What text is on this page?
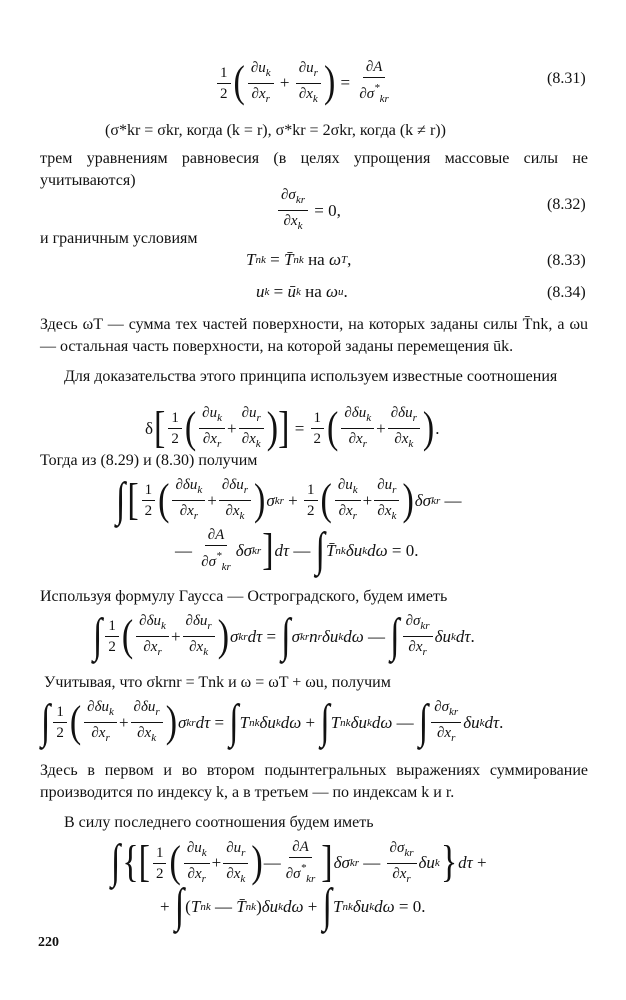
$\frac{1}{2}$ ( $\frac{\partial u_k}{\partial x_r} + \frac{\partial u_r}{\partial x_k}$ ) = $\frac{\partial A}{\partial\sigma^*_{kr}}$	(8.31)
(σ*kr = σkr, когда (k = r), σ*kr = 2σkr, когда (k ≠ r))
трем уравнениям равновесия (в целях упрощения массовые силы не учитываются)
$\frac{\partial\sigma_{kr}}{\partial x_k} = 0$,	(8.32)
и граничным условиям
T nk = T̄ nk на ω T ,	(8.33)
u k = ū k на ω u .	(8.34)
Здесь ωT — сумма тех частей поверхности, на которых заданы силы T̄nk, а ωu — остальная часть поверхности, на которой заданы перемещения ūk.
Для доказательства этого принципа используем известные соотношения
δ [ $\frac{1}{2}$ ( $\frac{\partial u_k}{\partial x_r} + \frac{\partial u_r}{\partial x_k}$ )] = $\frac{1}{2}$ ( $\frac{\partial\delta u_k}{\partial x_r} + \frac{\partial\delta u_r}{\partial x_k}$ ) .
Тогда из (8.29) и (8.30) получим
∫ [ $\frac{1}{2}$ ( $\frac{\partial\delta u_k}{\partial x_r} + \frac{\partial\delta u_r}{\partial x_k}$ ) σ kr + $\frac{1}{2}$ ( $\frac{\partial u_k}{\partial x_r} + \frac{\partial u_r}{\partial x_k}$ ) δσ kr —
— $\frac{\partial A}{\partial\sigma^*_{kr}}$ δσ kr ] dτ — ∫ T̄ nk δu k dω = 0.
Используя формулу Гаусса — Остроградского, будем иметь
∫ $\frac{1}{2}$ ( $\frac{\partial\delta u_k}{\partial x_r} + \frac{\partial\delta u_r}{\partial x_k}$ ) σ kr dτ = ∫ σ kr n r δu k dω — ∫ $\frac{\partial\sigma_{kr}}{\partial x_r}$ δu k dτ .
Учитывая, что σkrnr = Tnk и ω = ωT + ωu, получим
∫ $\frac{1}{2}$ ( $\frac{\partial\delta u_k}{\partial x_r} + \frac{\partial\delta u_r}{\partial x_k}$ ) σ kr dτ = ∫ T nk δu k dω + ∫ T nk δu k dω — ∫ $\frac{\partial\sigma_{kr}}{\partial x_r}$ δu k dτ .
Здесь в первом и во втором подынтегральных выражениях суммирование производится по индексу k, а в третьем — по индексам k и r.
В силу последнего соотношения будем иметь
∫ {[ $\frac{1}{2}$ ( $\frac{\partial u_k}{\partial x_r} + \frac{\partial u_r}{\partial x_k}$ ) — $\frac{\partial A}{\partial\sigma^*_{kr}}$ ] δσ kr — $\frac{\partial\sigma_{kr}}{\partial x_r}$ δu k } dτ +
+ ∫ ( T nk — T̄ nk ) δu k dω + ∫ T nk δu k dω = 0.
220
